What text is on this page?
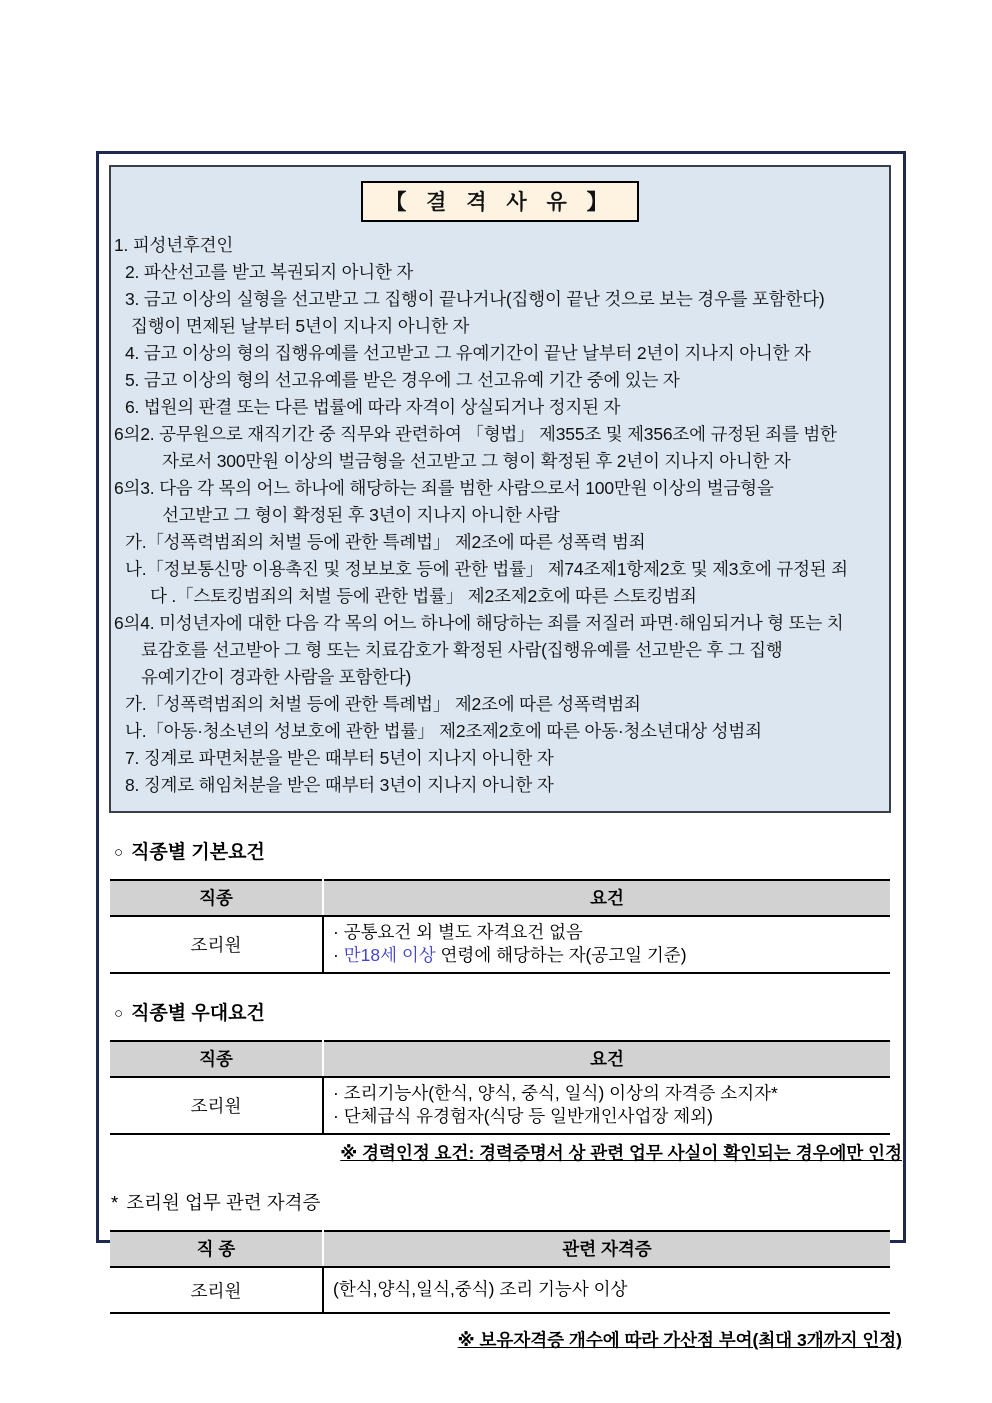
【 결 격 사 유 】
1. 피성년후견인
2. 파산선고를 받고 복권되지 아니한 자
3. 금고 이상의 실형을 선고받고 그 집행이 끝나거나(집행이 끝난 것으로 보는 경우를 포함한다)
집행이 면제된 날부터 5년이 지나지 아니한 자
4. 금고 이상의 형의 집행유예를 선고받고 그 유예기간이 끝난 날부터 2년이 지나지 아니한 자
5. 금고 이상의 형의 선고유예를 받은 경우에 그 선고유예 기간 중에 있는 자
6. 법원의 판결 또는 다른 법률에 따라 자격이 상실되거나 정지된 자
6의2. 공무원으로 재직기간 중 직무와 관련하여 「형법」 제355조 및 제356조에 규정된 죄를 범한
자로서 300만원 이상의 벌금형을 선고받고 그 형이 확정된 후 2년이 지나지 아니한 자
6의3. 다음 각 목의 어느 하나에 해당하는 죄를 범한 사람으로서 100만원 이상의 벌금형을
선고받고 그 형이 확정된 후 3년이 지나지 아니한 사람
가.「성폭력범죄의 처벌 등에 관한 특례법」 제2조에 따른 성폭력 범죄
나.「정보통신망 이용촉진 및 정보보호 등에 관한 법률」 제74조제1항제2호 및 제3호에 규정된 죄
다 .「스토킹범죄의 처벌 등에 관한 법률」 제2조제2호에 따른 스토킹범죄
6의4. 미성년자에 대한 다음 각 목의 어느 하나에 해당하는 죄를 저질러 파면·해임되거나 형 또는 치
료감호를 선고받아 그 형 또는 치료감호가 확정된 사람(집행유예를 선고받은 후 그 집행
유예기간이 경과한 사람을 포함한다)
가.「성폭력범죄의 처벌 등에 관한 특례법」 제2조에 따른 성폭력범죄
나.「아동·청소년의 성보호에 관한 법률」 제2조제2호에 따른 아동·청소년대상 성범죄
7. 징계로 파면처분을 받은 때부터 5년이 지나지 아니한 자
8. 징계로 해임처분을 받은 때부터 3년이 지나지 아니한 자
○ 직종별 기본요건
직종	요건
조리원	· 공통요건 외 별도 자격요건 없음
· 만18세 이상 연령에 해당하는 자(공고일 기준)
○ 직종별 우대요건
직종	요건
조리원	· 조리기능사(한식, 양식, 중식, 일식) 이상의 자격증 소지자*
· 단체급식 유경험자(식당 등 일반개인사업장 제외)
※ 경력인정 요건: 경력증명서 상 관련 업무 사실이 확인되는 경우에만 인정
* 조리원 업무 관련 자격증
직 종	관련 자격증
조리원	(한식,양식,일식,중식) 조리 기능사 이상
※ 보유자격증 개수에 따라 가산점 부여(최대 3개까지 인정)
